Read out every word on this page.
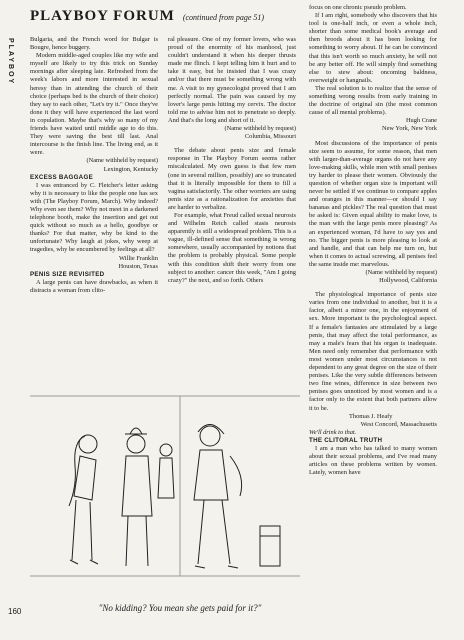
PLAYBOY
PLAYBOY FORUM (continued from page 51)

Bulgaria, and the French word for Bulgar is Bougre, hence buggery.

Modern middle-aged couples like my wife and myself are likely to try this trick on Sunday mornings after sleeping late. Refreshed from the week's labors and more interested in sexual heresy than in attending the church of their choice (perhaps bed is the church of their choice) they say to each other, "Let's try it." Once they've done it they will have experienced the last word in copulation. Maybe that's why so many of my friends have waited until middle age to do this. They were saving the best till last. Anal intercourse is the finish line. The living end, as it were.

(Name withheld by request)

Lexington, Kentucky

EXCESS BAGGAGE

I was entranced by C. Fletcher's letter asking why it is necessary to like the people one has sex with (The Playboy Forum, March). Why indeed? Why even see them? Why not meet in a darkened telephone booth, make the insertion and get out quick without so much as a hello, goodbye or thanks? For that matter, why be kind to the unfortunate? Why laugh at jokes, why weep at tragedies, why be encumbered by feelings at all?

Willie Franklin

Houston, Texas

PENIS SIZE REVISITED

A large penis can have drawbacks, as when it distracts a woman from clito-

ral pleasure. One of my former lovers, who was proud of the enormity of his manhood, just couldn't understand it when his deeper thrusts made me flinch. I kept telling him it hurt and to take it easy, but he insisted that I was crazy and/or that there must be something wrong with me. A visit to my gynecologist proved that I am perfectly normal. The pain was caused by my lover's large penis hitting my cervix. The doctor told me to advise him not to penetrate so deeply. And that's the long and short of it.

(Name withheld by request)

Columbia, Missouri

The debate about penis size and female response in The Playboy Forum seems rather miscalculated. My own guess is that few men (one in several million, possibly) are so truncated that it is literally impossible for them to fill a vagina satisfactorily. The other worriers are using penis size as a rationalization for anxieties that are harder to verbalize.

For example, what Freud called sexual neurosis and Wilhelm Reich called stasis neurosis apparently is still a widespread problem. This is a vague, ill-defined sense that something is wrong somewhere, usually accompanied by notions that the problem is probably physical. Some people with this condition shift their worry from one subject to another: cancer this week, "Am I going crazy?" the next, and so forth. Others

focus on one chronic pseudo problem.

If I am right, somebody who discovers that his tool is one-half inch, or even a whole inch, shorter than some medical book's average and then broods about it has been looking for something to worry about. If he can be convinced that this isn't worth so much anxiety, he will not be any better off. He will simply find something else to stew about: oncoming baldness, overweight or hangnails.

The real solution is to realize that the sense of something wrong results from early training in the doctrine of original sin (the most common cause of all mental problems).

Hugh Crane

New York, New York

Most discussions of the importance of penis size seem to assume, for some reason, that men with larger-than-average organs do not have any love-making skills, while men with small penises try harder to please their women. Obviously the question of whether organ size is important will never be settled if we continue to compare apples and oranges in this manner—or should I say bananas and pickles? The real question that must be asked is: Given equal ability to make love, is the man with the large penis more pleasing? As an experienced woman, I'd have to say yes and no. The bigger penis is more pleasing to look at and handle, and that can help me turn on, but when it comes to actual screwing, all penises feel the same inside me: marvelous.

(Name withheld by request)

Hollywood, California

The physiological importance of penis size varies from one individual to another, but it is a factor, albeit a minor one, in the enjoyment of sex. More important is the psychological aspect. If a female's fantasies are stimulated by a large penis, that may affect the total performance, as may a male's fears that his organ is inadequate. Men need only remember that performance with most women under most circumstances is not dependent to any great degree on the size of their penises. Like the very subtle differences between two fine wines, difference in size between two penises goes unnoticed by most women and is a factor only to the extent that both partners allow it to be.

Thomas J. Heafy

West Concord, Massachusetts

We'll drink to that.

THE CLITORAL TRUTH

I am a man who has talked to many women about their sexual problems, and I've read many articles on these problems written by women. Lately, women have

"No kidding? You mean she gets paid for it?"
160
